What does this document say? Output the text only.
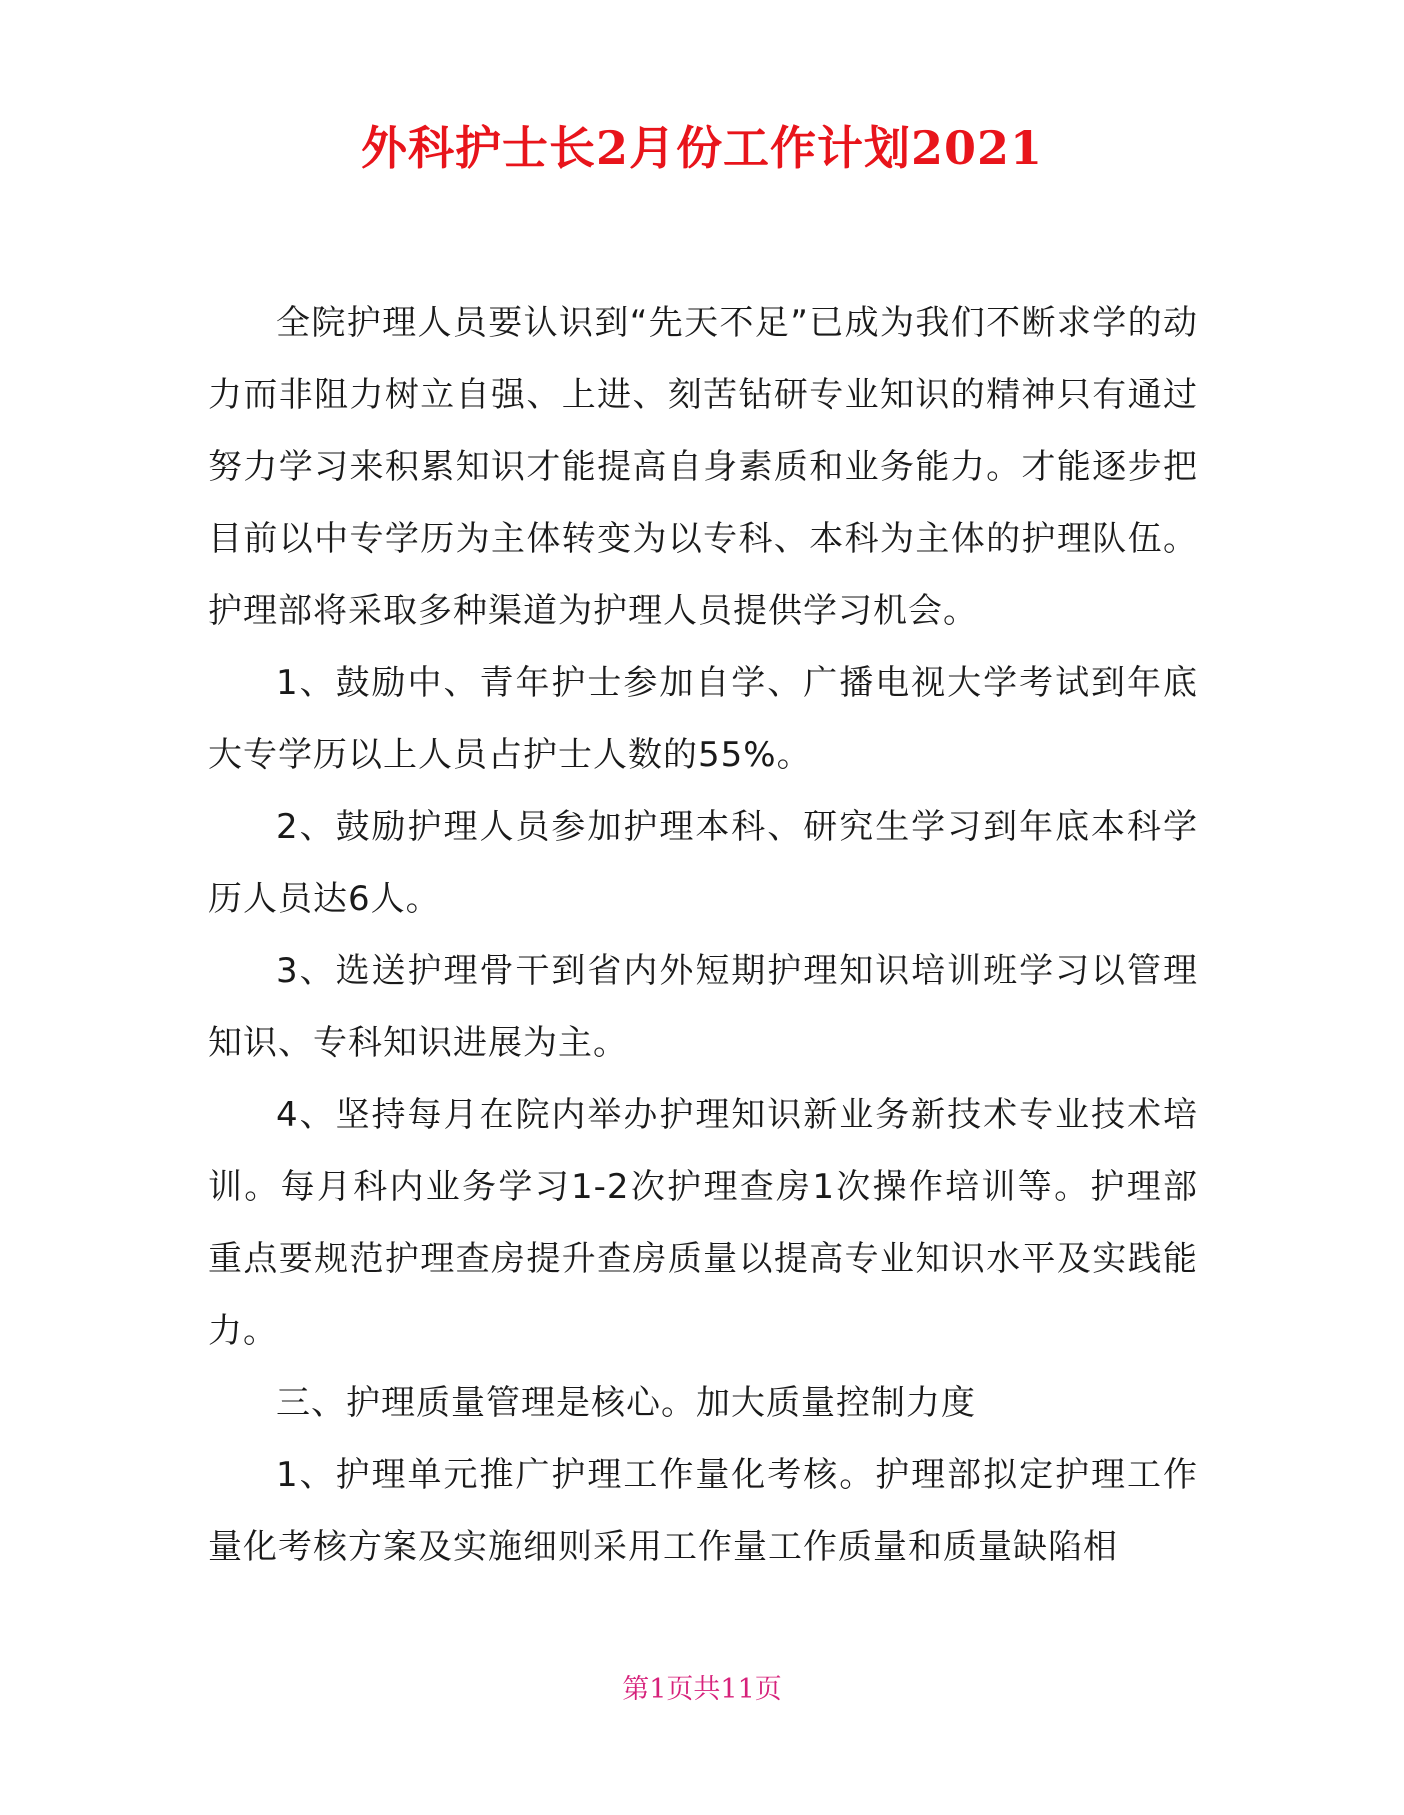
外科护士长2月份工作计划2021

全院护理人员要认识到“先天不足”已成为我们不断求学的动力而非阻力树立自强、上进、刻苦钻研专业知识的精神只有通过努力学习来积累知识才能提高自身素质和业务能力。才能逐步把目前以中专学历为主体转变为以专科、本科为主体的护理队伍。护理部将采取多种渠道为护理人员提供学习机会。

1、鼓励中、青年护士参加自学、广播电视大学考试到年底大专学历以上人员占护士人数的55%。

2、鼓励护理人员参加护理本科、研究生学习到年底本科学历人员达6人。

3、选送护理骨干到省内外短期护理知识培训班学习以管理知识、专科知识进展为主。

4、坚持每月在院内举办护理知识新业务新技术专业技术培训。每月科内业务学习1-2次护理查房1次操作培训等。护理部重点要规范护理查房提升查房质量以提高专业知识水平及实践能力。

三、护理质量管理是核心。加大质量控制力度

1、护理单元推广护理工作量化考核。护理部拟定护理工作量化考核方案及实施细则采用工作量工作质量和质量缺陷相

第1页共11页
